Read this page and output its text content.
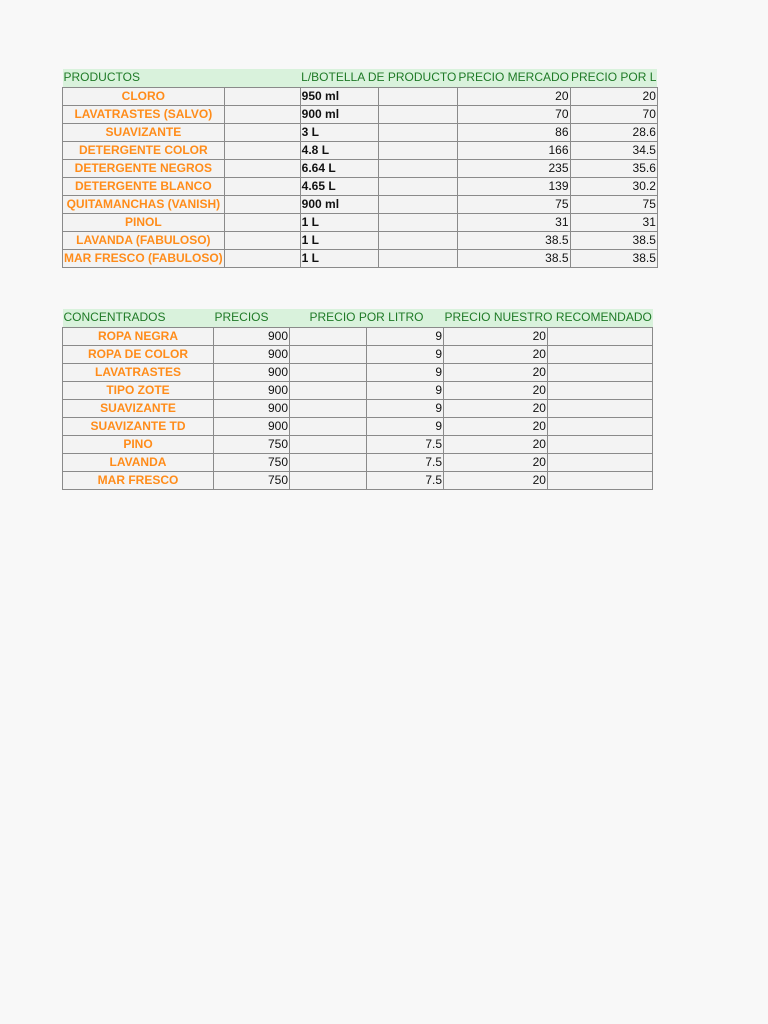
PRODUCTOS		L/BOTELLA DE PRODUCTO		PRECIO MERCADO	PRECIO POR L
CLORO		950 ml		20	20
LAVATRASTES (SALVO)		900 ml		70	70
SUAVIZANTE		3 L		86	28.6
DETERGENTE COLOR		4.8 L		166	34.5
DETERGENTE NEGROS		6.64 L		235	35.6
DETERGENTE BLANCO		4.65 L		139	30.2
QUITAMANCHAS (VANISH)		900 ml		75	75
PINOL		1 L		31	31
LAVANDA (FABULOSO)		1 L		38.5	38.5
MAR FRESCO (FABULOSO)		1 L		38.5	38.5
CONCENTRADOS	PRECIOS	PRECIO POR LITRO		PRECIO NUESTRO RECOMENDADO	
ROPA NEGRA	900		9	20	
ROPA DE COLOR	900		9	20	
LAVATRASTES	900		9	20	
TIPO ZOTE	900		9	20	
SUAVIZANTE	900		9	20	
SUAVIZANTE TD	900		9	20	
PINO	750		7.5	20	
LAVANDA	750		7.5	20	
MAR FRESCO	750		7.5	20	
